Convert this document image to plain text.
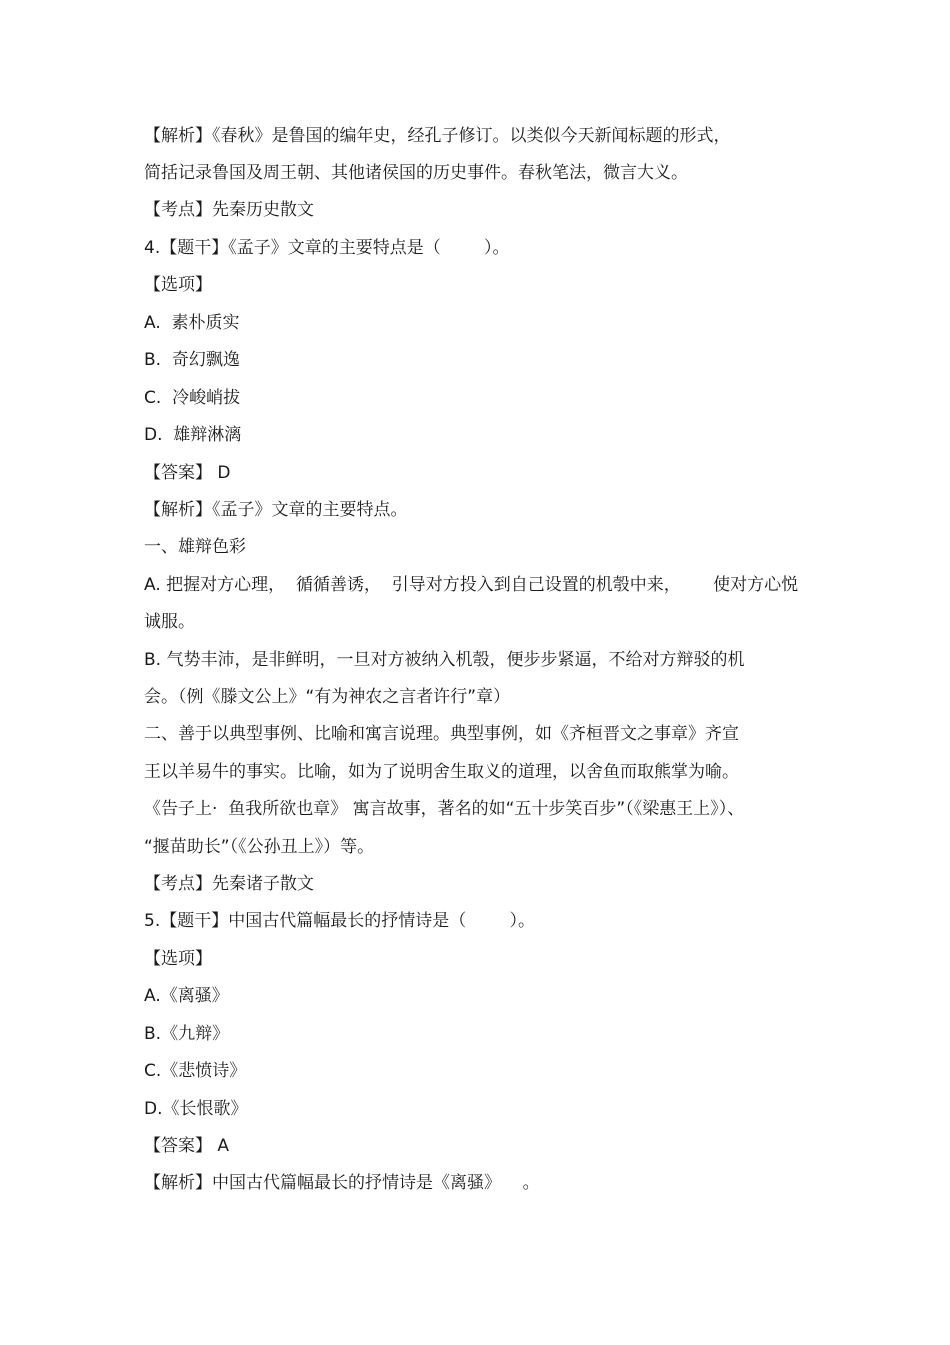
【解析】《春秋》是鲁国的编年史，经孔子修订。以类似今天新闻标题的形式，
简括记录鲁国及周王朝、其他诸侯国的历史事件。春秋笔法，微言大义。
【考点】先秦历史散文
4.【题干】《孟子》文章的主要特点是（        ）。
【选项】
A.  素朴质实
B.  奇幻飘逸
C.  冷峻峭拔
D.  雄辩淋漓
【答案】 D
【解析】《孟子》文章的主要特点。
一、雄辩色彩
A. 把握对方心理，  循循善诱，  引导对方投入到自己设置的机彀中来，      使对方心悦
诚服。
B. 气势丰沛，是非鲜明，一旦对方被纳入机彀，便步步紧逼，不给对方辩驳的机
会。（例《滕文公上》“有为神农之言者许行”章）
二、善于以典型事例、比喻和寓言说理。典型事例，如《齐桓晋文之事章》齐宣
王以羊易牛的事实。比喻，如为了说明舍生取义的道理，以舍鱼而取熊掌为喻。
《告子上·  鱼我所欲也章》 寓言故事，著名的如“五十步笑百步”（《梁惠王上》）、
“揠苗助长”（《公孙丑上》）等。
【考点】先秦诸子散文
5.【题干】中国古代篇幅最长的抒情诗是（        ）。
【选项】
A.《离骚》
B.《九辩》
C.《悲愤诗》
D.《长恨歌》
【答案】 A
【解析】中国古代篇幅最长的抒情诗是《离骚》    。
